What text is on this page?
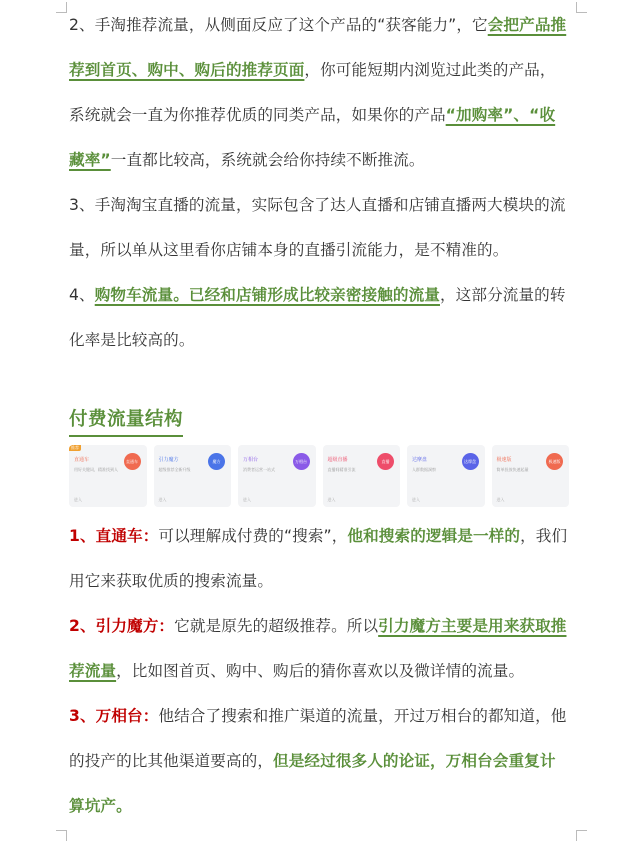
2、手淘推荐流量，从侧面反应了这个产品的“获客能力”，它会把产品推荐到首页、购中、购后的推荐页面，你可能短期内浏览过此类的产品，系统就会一直为你推荐优质的同类产品，如果你的产品“加购率”、“收藏率”一直都比较高，系统就会给你持续不断推流。

3、手淘淘宝直播的流量，实际包含了达人直播和店铺直播两大模块的流量，所以单从这里看你店铺本身的直播引流能力，是不精准的。

4、购物车流量。已经和店铺形成比较亲密接触的流量，这部分流量的转化率是比较高的。

付费流量结构
推荐
直通车
用好关键词，精准找到人
进入
直通车	引力魔方
超级推荐全新升级
进入
魔方	万相台
消费者运营一站式
进入
万相台	超级直播
直播间精准引流
进入
直播	达摩盘
人群数据洞察
进入
达摩盘	极速版
简单投放快速起量
进入
极速版

1、直通车：可以理解成付费的“搜索”，他和搜索的逻辑是一样的，我们用它来获取优质的搜索流量。

2、引力魔方：它就是原先的超级推荐。所以引力魔方主要是用来获取推荐流量，比如图首页、购中、购后的猜你喜欢以及微详情的流量。

3、万相台：他结合了搜索和推广渠道的流量，开过万相台的都知道，他的投产的比其他渠道要高的，但是经过很多人的论证，万相台会重复计算坑产。
